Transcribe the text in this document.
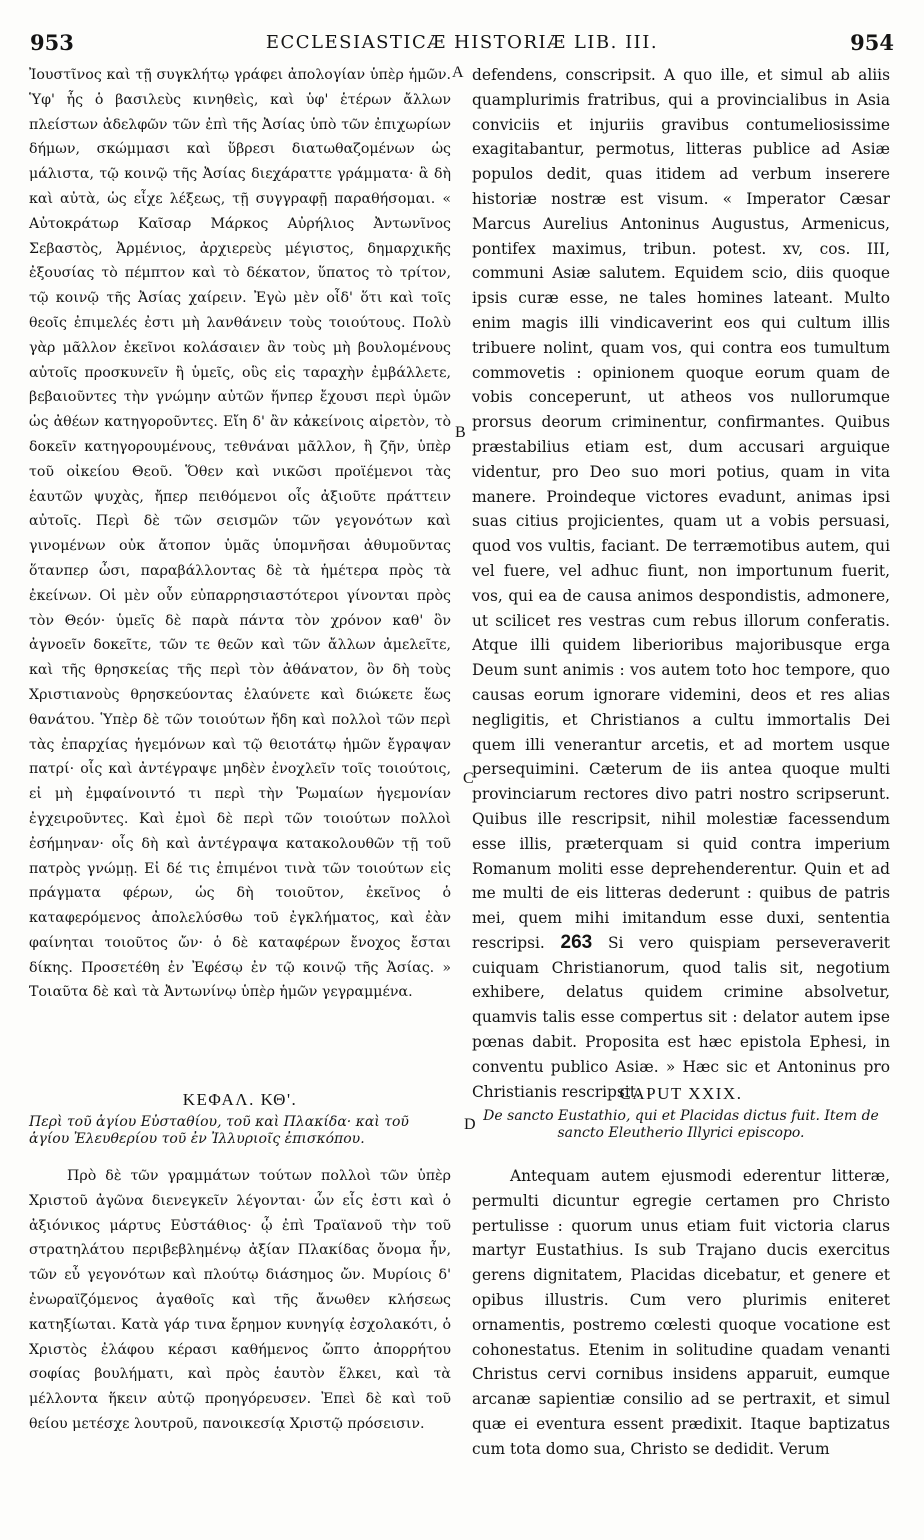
953	ECCLESIASTICÆ HISTORIÆ LIB. III.	954
A
B
C
D

Ἰουστῖνος καὶ τῇ συγκλήτῳ γράφει ἀπολογίαν ὑπὲρ ἡμῶν. Ὑφ' ἧς ὁ βασιλεὺς κινηθεὶς, καὶ ὑφ' ἑτέρων ἄλλων πλείστων ἀδελφῶν τῶν ἐπὶ τῆς Ἀσίας ὑπὸ τῶν ἐπιχωρίων δήμων, σκώμμασι καὶ ὕβρεσι διατωθαζομένων ὡς μάλιστα, τῷ κοινῷ τῆς Ἀσίας διεχάραττε γράμματα· ἃ δὴ καὶ αὐτὰ, ὡς εἶχε λέξεως, τῇ συγγραφῇ παραθήσομαι. « Αὐτοκράτωρ Καῖσαρ Μάρκος Αὐρήλιος Ἀντωνῖνος Σεβαστὸς, Ἀρμένιος, ἀρχιερεὺς μέγιστος, δημαρχικῆς ἐξουσίας τὸ πέμπτον καὶ τὸ δέκατον, ὕπατος τὸ τρίτον, τῷ κοινῷ τῆς Ἀσίας χαίρειν. Ἐγὼ μὲν οἶδ' ὅτι καὶ τοῖς θεοῖς ἐπιμελές ἐστι μὴ λανθάνειν τοὺς τοιούτους. Πολὺ γὰρ μᾶλλον ἐκεῖνοι κολάσαιεν ἂν τοὺς μὴ βουλομένους αὐτοῖς προσκυνεῖν ἢ ὑμεῖς, οὓς εἰς ταραχὴν ἐμβάλλετε, βεβαιοῦντες τὴν γνώμην αὐτῶν ἥνπερ ἔχουσι περὶ ὑμῶν ὡς ἀθέων κατηγοροῦντες. Εἴη δ' ἂν κἀκείνοις αἱρετὸν, τὸ δοκεῖν κατηγορουμένους, τεθνάναι μᾶλλον, ἢ ζῆν, ὑπὲρ τοῦ οἰκείου Θεοῦ. Ὅθεν καὶ νικῶσι προϊέμενοι τὰς ἑαυτῶν ψυχὰς, ἤπερ πειθόμενοι οἷς ἀξιοῦτε πράττειν αὐτοῖς. Περὶ δὲ τῶν σεισμῶν τῶν γεγονότων καὶ γινομένων οὐκ ἄτοπον ὑμᾶς ὑπομνῆσαι ἀθυμοῦντας ὅτανπερ ὦσι, παραβάλλοντας δὲ τὰ ἡμέτερα πρὸς τὰ ἐκείνων. Οἱ μὲν οὖν εὐπαρρησιαστότεροι γίνονται πρὸς τὸν Θεόν· ὑμεῖς δὲ παρὰ πάντα τὸν χρόνον καθ' ὃν ἀγνοεῖν δοκεῖτε, τῶν τε θεῶν καὶ τῶν ἄλλων ἀμελεῖτε, καὶ τῆς θρησκείας τῆς περὶ τὸν ἀθάνατον, ὃν δὴ τοὺς Χριστιανοὺς θρησκεύοντας ἐλαύνετε καὶ διώκετε ἕως θανάτου. Ὑπὲρ δὲ τῶν τοιούτων ἤδη καὶ πολλοὶ τῶν περὶ τὰς ἐπαρχίας ἡγεμόνων καὶ τῷ θειοτάτῳ ἡμῶν ἔγραψαν πατρί· οἷς καὶ ἀντέγραψε μηδὲν ἐνοχλεῖν τοῖς τοιούτοις, εἰ μὴ ἐμφαίνοιντό τι περὶ τὴν Ῥωμαίων ἡγεμονίαν ἐγχειροῦντες. Καὶ ἐμοὶ δὲ περὶ τῶν τοιούτων πολλοὶ ἐσήμηναν· οἷς δὴ καὶ ἀντέγραψα κατακολουθῶν τῇ τοῦ πατρὸς γνώμῃ. Εἰ δέ τις ἐπιμένοι τινὰ τῶν τοιούτων εἰς πράγματα φέρων, ὡς δὴ τοιοῦτον, ἐκεῖνος ὁ καταφερόμενος ἀπολελύσθω τοῦ ἐγκλήματος, καὶ ἐὰν φαίνηται τοιοῦτος ὤν· ὁ δὲ καταφέρων ἔνοχος ἔσται δίκης. Προσετέθη ἐν Ἐφέσῳ ἐν τῷ κοινῷ τῆς Ἀσίας. » Τοιαῦτα δὲ καὶ τὰ Ἀντωνίνῳ ὑπὲρ ἡμῶν γεγραμμένα.

defendens, conscripsit. A quo ille, et simul ab aliis quamplurimis fratribus, qui a provincialibus in Asia conviciis et injuriis gravibus contumeliosissime exagitabantur, permotus, litteras publice ad Asiæ populos dedit, quas itidem ad verbum inserere historiæ nostræ est visum. « Imperator Cæsar Marcus Aurelius Antoninus Augustus, Armenicus, pontifex maximus, tribun. potest. xv, cos. III, communi Asiæ salutem. Equidem scio, diis quoque ipsis curæ esse, ne tales homines lateant. Multo enim magis illi vindicaverint eos qui cultum illis tribuere nolint, quam vos, qui contra eos tumultum commovetis : opinionem quoque eorum quam de vobis conceperunt, ut atheos vos nullorumque prorsus deorum criminentur, confirmantes. Quibus præstabilius etiam est, dum accusari arguique videntur, pro Deo suo mori potius, quam in vita manere. Proindeque victores evadunt, animas ipsi suas citius projicientes, quam ut a vobis persuasi, quod vos vultis, faciant. De terræmotibus autem, qui vel fuere, vel adhuc fiunt, non importunum fuerit, vos, qui ea de causa animos despondistis, admonere, ut scilicet res vestras cum rebus illorum conferatis. Atque illi quidem liberioribus majoribusque erga Deum sunt animis : vos autem toto hoc tempore, quo causas eorum ignorare videmini, deos et res alias negligitis, et Christianos a cultu immortalis Dei quem illi venerantur arcetis, et ad mortem usque persequimini. Cæterum de iis antea quoque multi provinciarum rectores divo patri nostro scripserunt. Quibus ille rescripsit, nihil molestiæ facessendum esse illis, præterquam si quid contra imperium Romanum moliti esse deprehenderentur. Quin et ad me multi de eis litteras dederunt : quibus de patris mei, quem mihi imitandum esse duxi, sententia rescripsi. 263 Si vero quispiam perseveraverit cuiquam Christianorum, quod talis sit, negotium exhibere, delatus quidem crimine absolvetur, quamvis talis esse compertus sit : delator autem ipse pœnas dabit. Proposita est hæc epistola Ephesi, in conventu publico Asiæ. » Hæc sic et Antoninus pro Christianis rescripsit.

ΚΕΦΑΛ. ΚΘ'.

Περὶ τοῦ ἁγίου Εὐσταθίου, τοῦ καὶ Πλακίδα· καὶ τοῦ ἁγίου Ἐλευθερίου τοῦ ἐν Ἰλλυριοῖς ἐπισκόπου.

Πρὸ δὲ τῶν γραμμάτων τούτων πολλοὶ τῶν ὑπὲρ Χριστοῦ ἀγῶνα διενεγκεῖν λέγονται· ὧν εἷς ἐστι καὶ ὁ ἀξιόνικος μάρτυς Εὐστάθιος· ᾧ ἐπὶ Τραϊανοῦ τὴν τοῦ στρατηλάτου περιβεβλημένῳ ἀξίαν Πλακίδας ὄνομα ἦν, τῶν εὖ γεγονότων καὶ πλούτῳ διάσημος ὤν. Μυρίοις δ' ἐνωραϊζόμενος ἀγαθοῖς καὶ τῆς ἄνωθεν κλήσεως κατηξίωται. Κατὰ γάρ τινα ἔρημον κυνηγίᾳ ἐσχολακότι, ὁ Χριστὸς ἐλάφου κέρασι καθήμενος ὤπτο ἀπορρήτου σοφίας βουλήματι, καὶ πρὸς ἑαυτὸν ἕλκει, καὶ τὰ μέλλοντα ἥκειν αὐτῷ προηγόρευσεν. Ἐπεὶ δὲ καὶ τοῦ θείου μετέσχε λουτροῦ, πανοικεσίᾳ Χριστῷ πρόσεισιν.

CAPUT XXIX.

De sancto Eustathio, qui et Placidas dictus fuit. Item de sancto Eleutherio Illyrici episcopo.

Antequam autem ejusmodi ederentur litteræ, permulti dicuntur egregie certamen pro Christo pertulisse : quorum unus etiam fuit victoria clarus martyr Eustathius. Is sub Trajano ducis exercitus gerens dignitatem, Placidas dicebatur, et genere et opibus illustris. Cum vero plurimis eniteret ornamentis, postremo cœlesti quoque vocatione est cohonestatus. Etenim in solitudine quadam venanti Christus cervi cornibus insidens apparuit, eumque arcanæ sapientiæ consilio ad se pertraxit, et simul quæ ei eventura essent prædixit. Itaque baptizatus cum tota domo sua, Christo se dedidit. Verum
